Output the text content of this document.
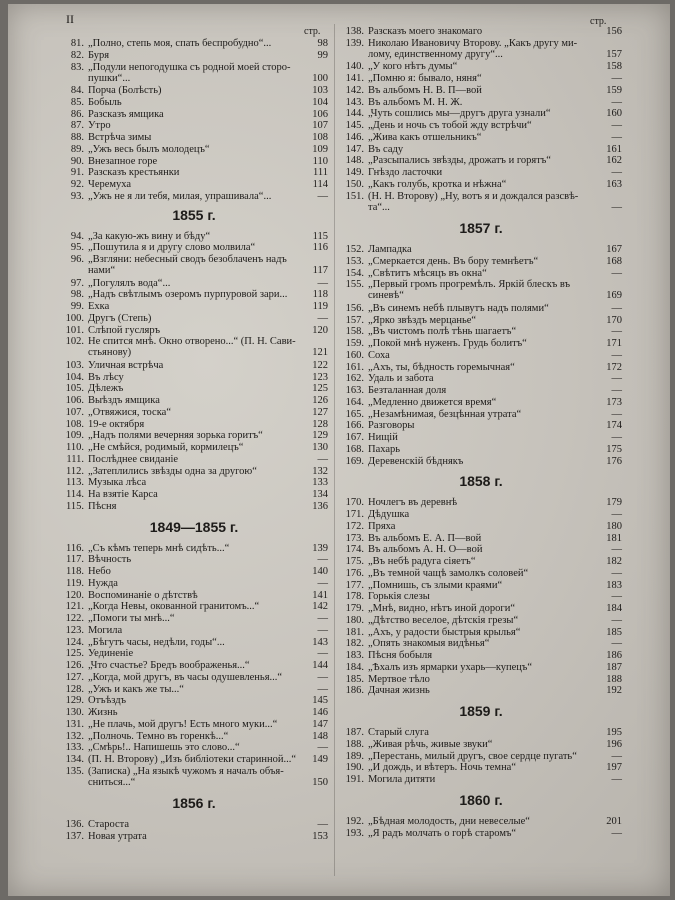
II
стр.
1855 г.
1849—1855 г.
1856 г.
81. „Полно, степь моя, спать беспробудно“...	98
82. Буря	99
83. „Подули непогодушка съ родной моей сторо- пушки“...	100
84. Порча (Болѣсть)	103
85. Бобыль	104
86. Разсказъ ямщика	106
87. Утро	107
88. Встрѣча зимы	108
89. „Ужъ весь былъ молодецъ“	109
90. Внезапное горе	110
91. Разсказъ крестьянки	111
92. Черемуха	114
93. „Ужъ не я ли тебя, милая, упрашивала“...	—
94. „За какую-жъ вину и бѣду“	115
95. „Пошутила я и другу слово молвила“	116
96. „Взгляни: небесный сводъ безоблаченъ надъ нами“	117
97. „Погулялъ вода“...	—
98. „Надъ свѣтлымъ озеромъ пурпуровой зари...	118
99. Ехка	119
100. Другъ (Степь)	—
101. Слѣпой гусляръ	120
102. Не спится мнѣ. Окно отворено...“ (П. Н. Сави- стьянову)	121
103. Уличная встрѣча	122
104. Въ лѣсу	123
105. Дѣлежъ	125
106. Выѣздъ ямщика	126
107. „Отвяжися, тоска“	127
108. 19-е октября	128
109. „Надъ полями вечерняя зорька горитъ“	129
110. „Не смѣйся, родимый, кормилецъ“	130
111. Послѣднее свиданіе	—
112. „Затеплились звѣзды одна за другою“	132
113. Музыка лѣса	133
114. На взятіе Карса	134
115. Пѣсня	136
116. „Съ кѣмъ теперь мнѣ сидѣть...“	139
117. Вѣчность	—
118. Небо	140
119. Нужда	—
120. Воспоминаніе о дѣтствѣ	141
121. „Когда Невы, окованной гранитомъ...“	142
122. „Помоги ты мнѣ...“	—
123. Могила	—
124. „Бѣгутъ часы, недѣли, годы“...	143
125. Уединеніе	—
126. „Что счастье? Бредъ воображенья...“	144
127. „Когда, мой другъ, въ часы одушевленья...“	—
128. „Ужъ и какъ же ты...“	—
129. Отъѣздъ	145
130. Жизнь	146
131. „Не плачь, мой другъ! Есть много муки...“	147
132. „Полночь. Темно въ горенкѣ...“	148
133. „Смѣрь!.. Напишешь это слово...“	—
134. (П. Н. Второву) „Изъ библіотеки старинной...“	149
135. (Записка) „На языкѣ чужомъ я началъ объя- сниться...“	150
136. Староста	—
137. Новая утрата	153
стр.
1857 г.
1858 г.
1859 г.
1860 г.
138. Разсказъ моего знакомаго	156
139. Николаю Ивановичу Второву. „Какъ другу ми- лому, единственному другу“...	157
140. „У кого нѣтъ думы“	158
141. „Помню я: бывало, няня“	—
142. Въ альбомъ Н. В. П—вой	159
143. Въ альбомъ М. Н. Ж.	—
144. „Чуть сошлись мы—другъ друга узнали“	160
145. „День и ночь съ тобой жду встрѣчи“	—
146. „Жива какъ отшельникъ“	—
147. Въ саду	161
148. „Разсыпались звѣзды, дрожатъ и горятъ“	162
149. Гнѣздо ласточки	—
150. „Какъ голубь, кротка и нѣжна“	163
151. (Н. Н. Второву) „Ну, вотъ я и дождался разсвѣ- та“...	—
152. Лампадка	167
153. „Смеркается день. Въ бору темнѣетъ“	168
154. „Свѣтитъ мѣсяцъ въ окна“	—
155. „Первый громъ прогремѣлъ. Яркій блескъ въ синевѣ“	169
156. „Въ синемъ небѣ плывутъ надъ полями“	—
157. „Ярко звѣздъ мерцанье“	170
158. „Въ чистомъ полѣ тѣнь шагаетъ“	—
159. „Покой мнѣ нуженъ. Грудь болитъ“	171
160. Соха	—
161. „Ахъ, ты, бѣдность горемычная“	172
162. Удаль и забота	—
163. Безталанная доля	—
164. „Медленно движется время“	173
165. „Незамѣнимая, безцѣнная утрата“	—
166. Разговоры	174
167. Нищій	—
168. Пахарь	175
169. Деревенскій бѣднякъ	176
170. Ночлегъ въ деревнѣ	179
171. Дѣдушка	—
172. Пряха	180
173. Въ альбомъ Е. А. П—вой	181
174. Въ альбомъ А. Н. О—вой	—
175. „Въ небѣ радуга сіяетъ“	182
176. „Въ темной чащѣ замолкъ соловей“	—
177. „Помнишь, съ злыми краями“	183
178. Горькія слезы	—
179. „Мнѣ, видно, нѣтъ иной дороги“	184
180. „Дѣтство веселое, дѣтскія грезы“	—
181. „Ахъ, у радости быстрыя крылья“	185
182. „Опять знакомыя видѣнья“	—
183. Пѣсня бобыля	186
184. „Ѣхалъ изъ ярмарки ухарь—купецъ“	187
185. Мертвое тѣло	188
186. Дачная жизнь	192
187. Старый слуга	195
188. „Живая рѣчь, живые звуки“	196
189. „Перестань, милый другъ, свое сердце пугать“	—
190. „И дождь, и вѣтеръ. Ночь темна“	197
191. Могила дитяти	—
192. „Бѣдная молодость, дни невеселые“	201
193. „Я радъ молчать о горѣ старомъ“	—
